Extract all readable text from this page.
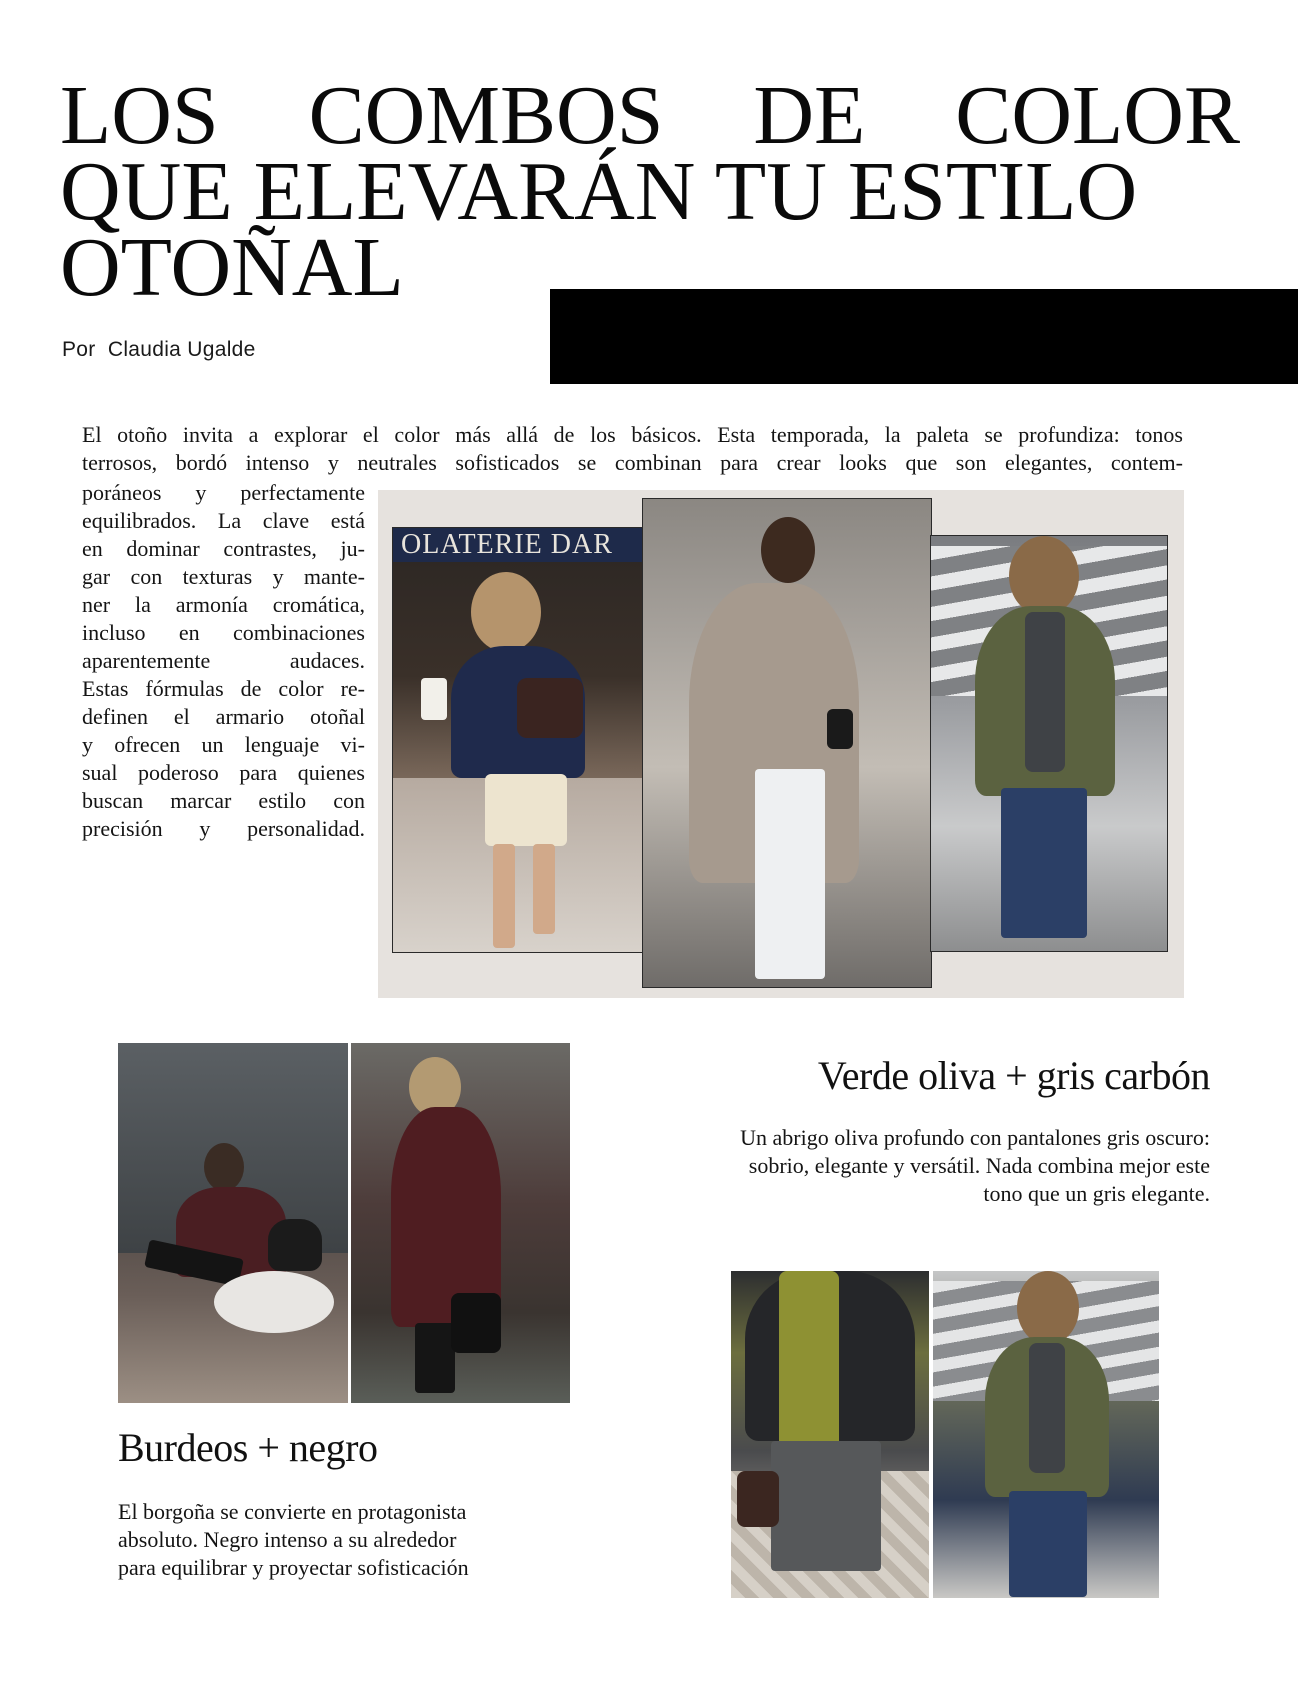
LOS COMBOS DE COLOR
QUE ELEVARÁN TU ESTILO
OTOÑAL
Por  Claudia Ugalde
El otoño invita a explorar el color más allá de los básicos. Esta temporada, la paleta se profundiza: tonos
terrosos, bordó intenso y neutrales sofisticados se combinan para crear looks que son elegantes, contem-
poráneos y perfectamente
equilibrados. La clave está
en dominar contrastes, ju-
gar con texturas y mante-
ner la armonía cromática,
incluso en combinaciones
aparentemente audaces.
Estas fórmulas de color re-
definen el armario otoñal
y ofrecen un lenguaje vi-
sual poderoso para quienes
buscan marcar estilo con
precisión y personalidad.
OLATERIE DAR
Burdeos + negro
El borgoña se convierte en protagonista
absoluto. Negro intenso a su alrededor
para equilibrar y proyectar sofisticación
Verde oliva + gris carbón
Un abrigo oliva profundo con pantalones gris oscuro:
sobrio, elegante y versátil. Nada combina mejor este
tono que un gris elegante.
